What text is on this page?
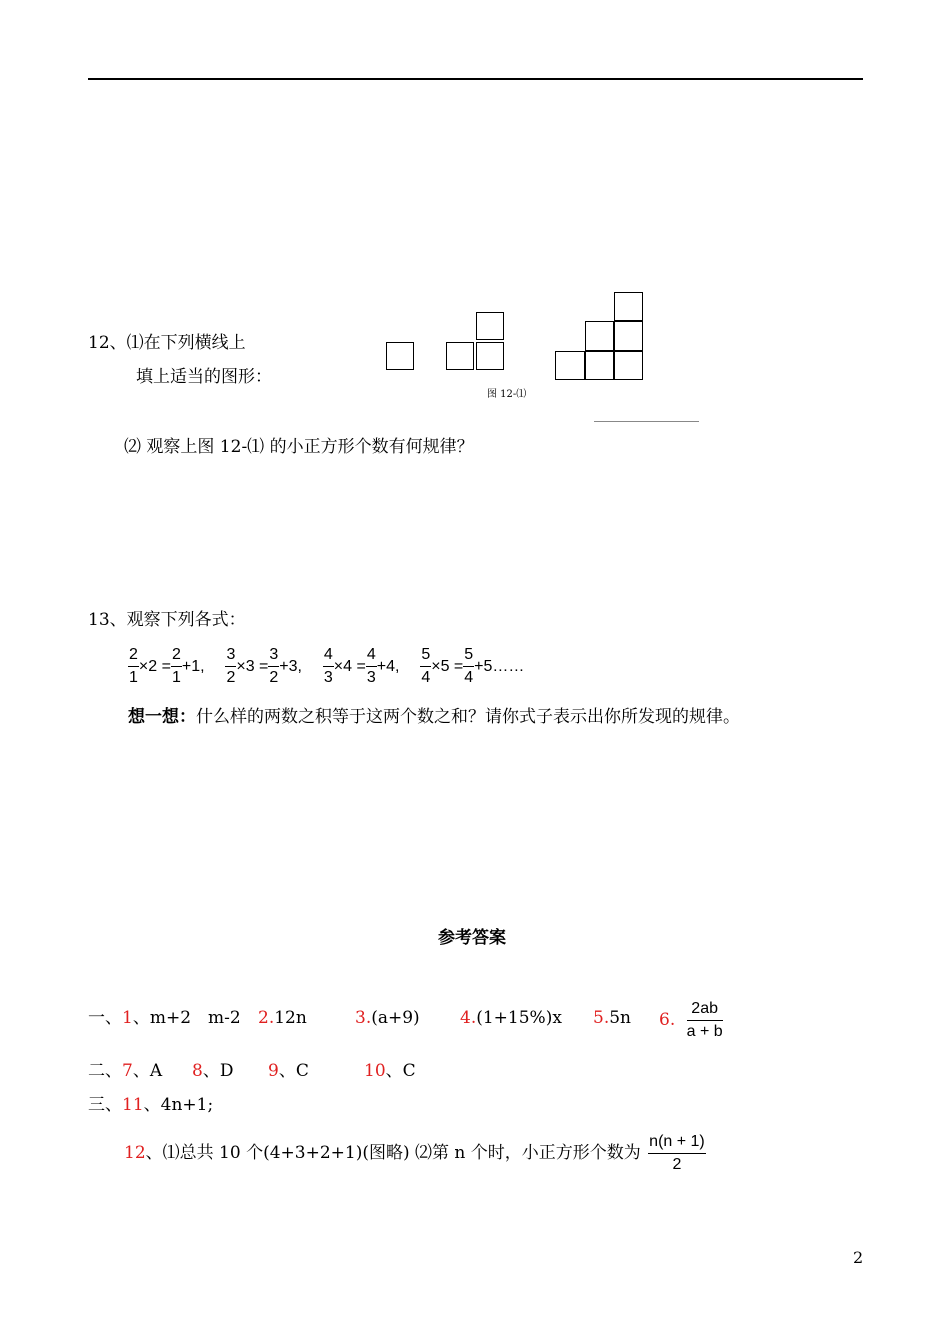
12、⑴在下列横线上
填上适当的图形：
图 12-⑴
⑵ 观察上图 12-⑴ 的小正方形个数有何规律？
13、观察下列各式：
$\frac{2}{1} \times 2 = \frac{2}{1} +1$, $\frac{3}{2} \times 3 = \frac{3}{2} +3$, $\frac{4}{3} \times 4 = \frac{4}{3} +4$, $\frac{5}{4} \times 5 = \frac{5}{4}$ +5……
想一想：什么样的两数之积等于这两个数之和？请你式子表示出你所发现的规律。
参考答案
一、1、m+2　m-2 2.12n	3.(a+9) 4.(1+15%)x 5.5n 6. $\frac{2ab}{a + b}$
二、7、A 8、D 9、C	10、C
三、11、4n+1;
12、⑴总共 10 个(4+3+2+1)(图略) ⑵第 n 个时，小正方形个数为 $\frac{n(n + 1)}{2}$
2
